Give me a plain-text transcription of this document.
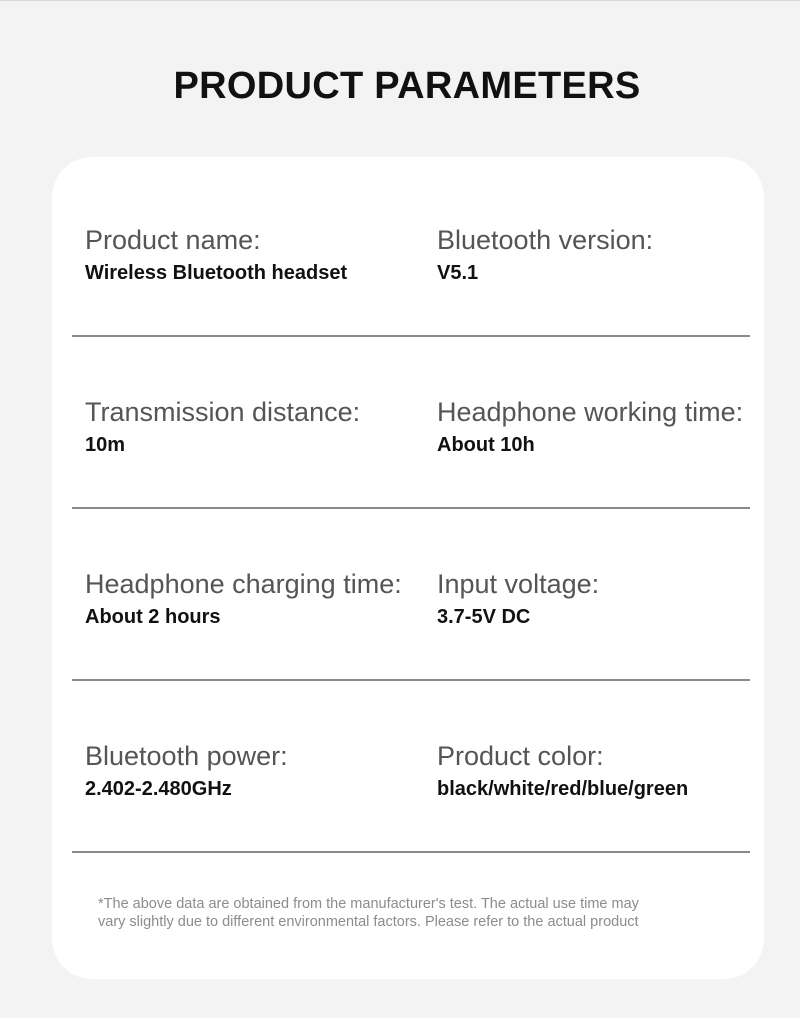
PRODUCT PARAMETERS
Product name:
Wireless Bluetooth headset
Bluetooth version:
V5.1
Transmission distance:
10m
Headphone working time:
About 10h
Headphone charging time:
About 2 hours
Input voltage:
3.7-5V DC
Bluetooth power:
2.402-2.480GHz
Product color:
black/white/red/blue/green
*The above data are obtained from the manufacturer's test. The actual use time may
vary slightly due to different environmental factors. Please refer to the actual product
